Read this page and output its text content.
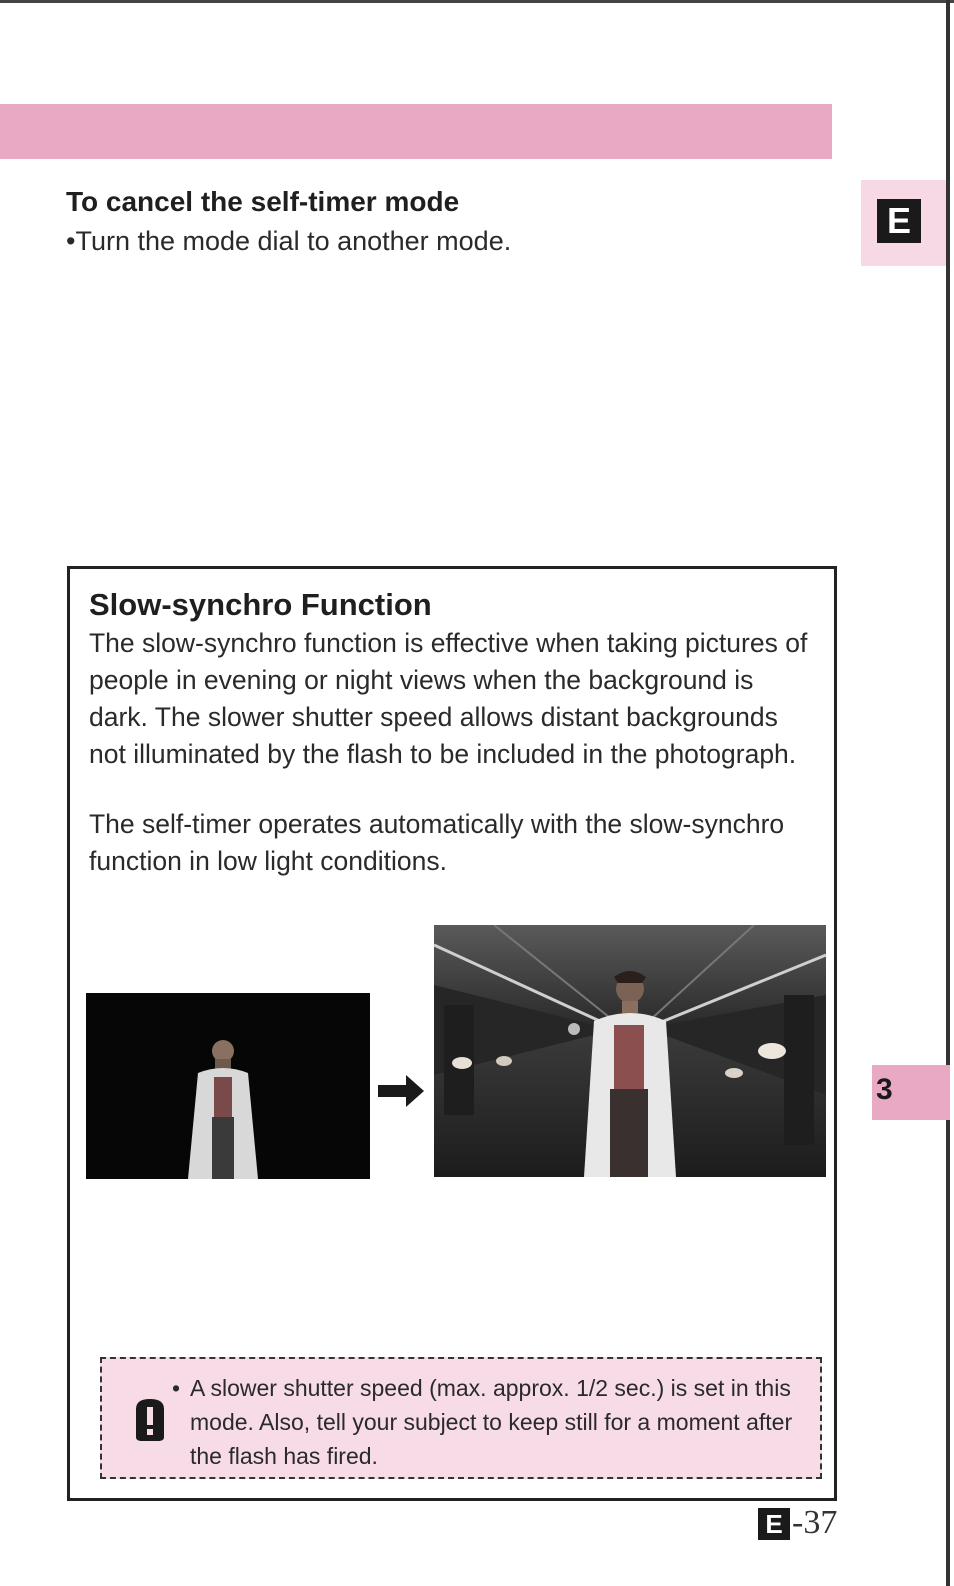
E
3
To cancel the self-timer mode
•Turn the mode dial to another mode.
Slow-synchro Function

The slow-synchro function is effective when taking pictures of people in evening or night views when the background is dark. The slower shutter speed allows distant backgrounds not illuminated by the flash to be included in the photograph.

The self-timer operates automatically with the slow-synchro function in low light conditions.

• A slower shutter speed (max. approx. 1/2 sec.) is set in this mode. Also, tell your subject to keep still for a moment after the flash has fired.

E -37
